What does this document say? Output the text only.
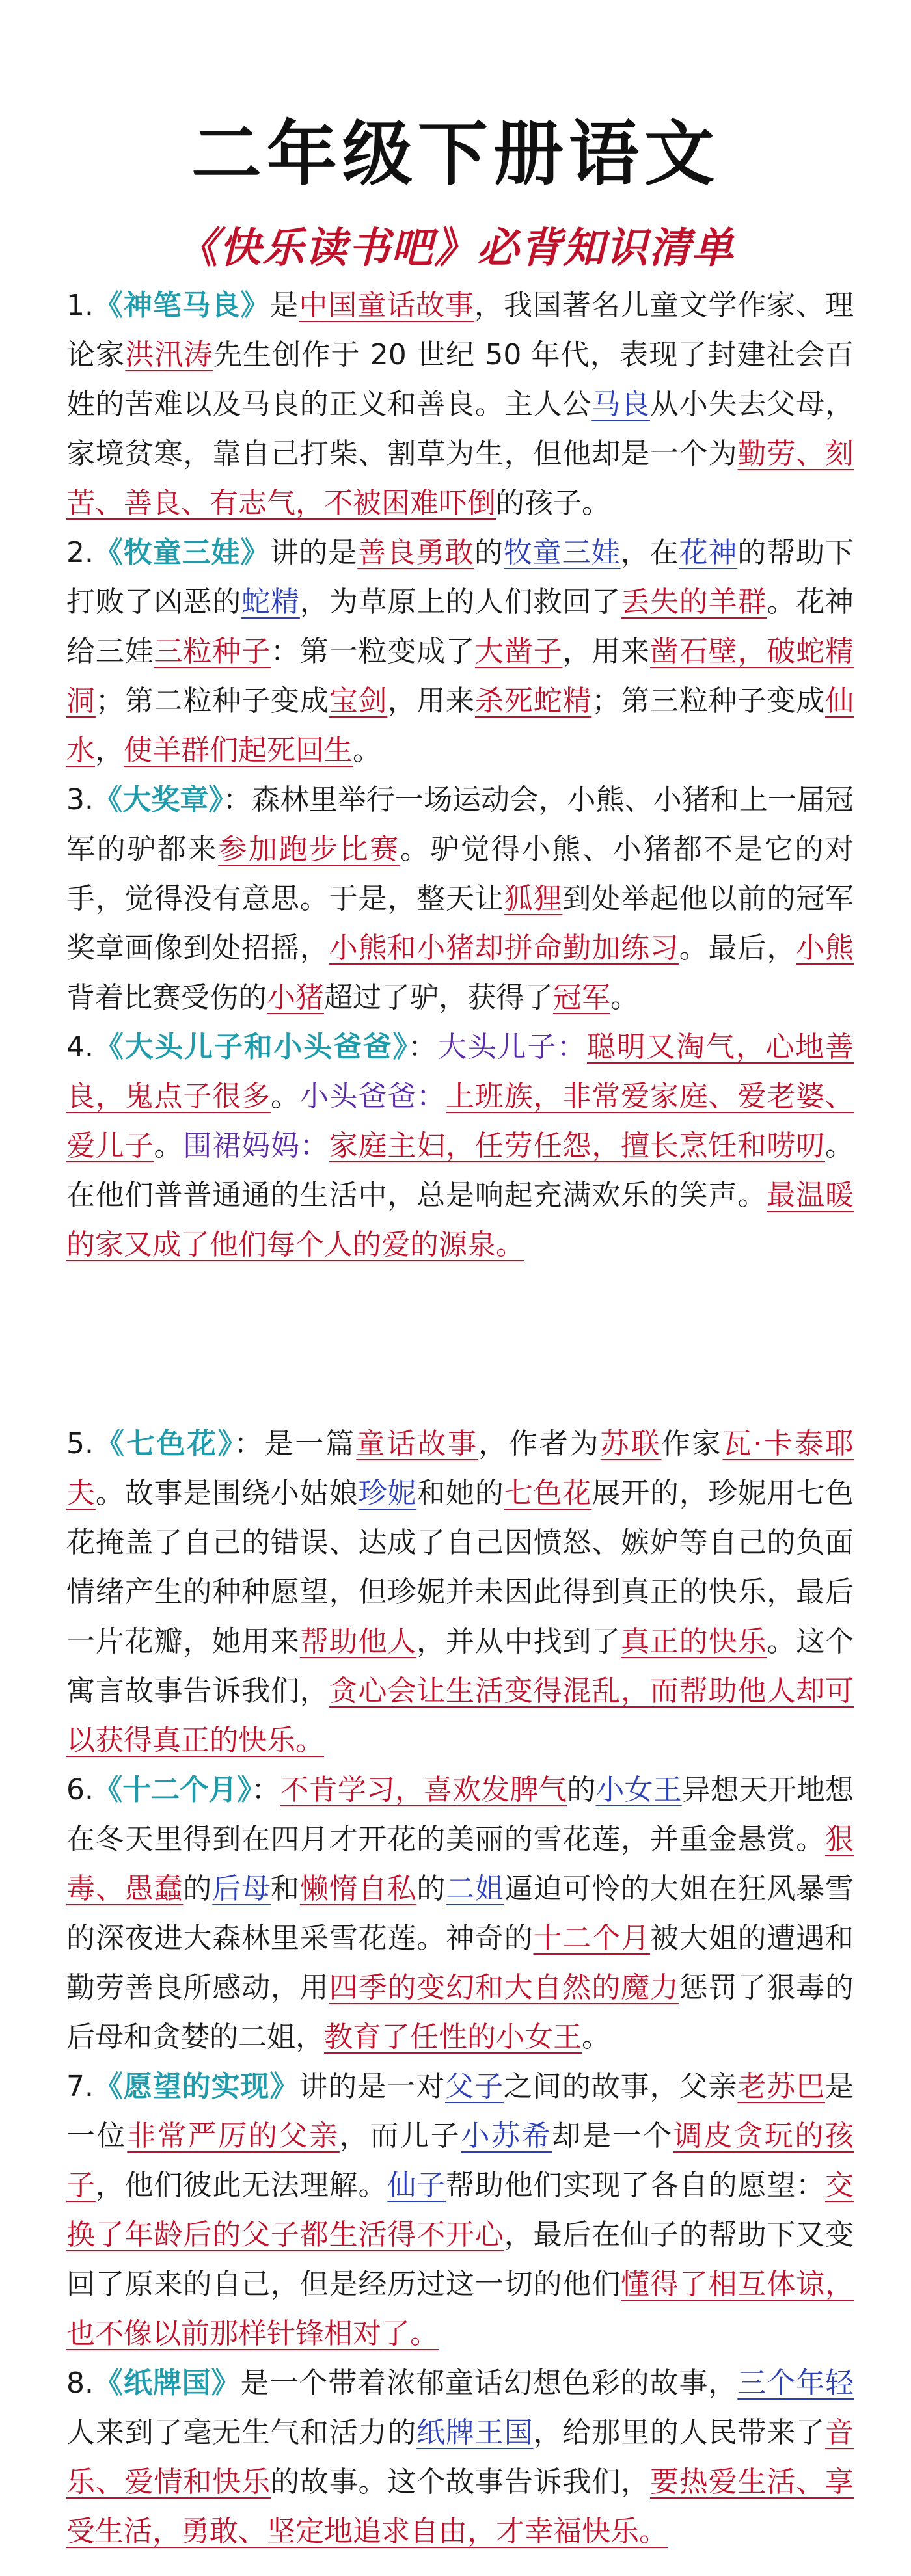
二年级下册语文
《快乐读书吧》必背知识清单

1.《神笔马良》是中国童话故事，我国著名儿童文学作家、理论家洪汛涛先生创作于 20 世纪 50 年代，表现了封建社会百姓的苦难以及马良的正义和善良。主人公马良从小失去父母，家境贫寒，靠自己打柴、割草为生，但他却是一个为勤劳、刻苦、善良、有志气，不被困难吓倒的孩子。

2.《牧童三娃》讲的是善良勇敢的牧童三娃，在花神的帮助下打败了凶恶的蛇精，为草原上的人们救回了丢失的羊群。花神给三娃三粒种子：第一粒变成了大凿子，用来凿石壁，破蛇精洞；第二粒种子变成宝剑，用来杀死蛇精；第三粒种子变成仙水，使羊群们起死回生。

3.《大奖章》：森林里举行一场运动会，小熊、小猪和上一届冠军的驴都来参加跑步比赛。驴觉得小熊、小猪都不是它的对手，觉得没有意思。于是，整天让狐狸到处举起他以前的冠军奖章画像到处招摇，小熊和小猪却拼命勤加练习。最后，小熊背着比赛受伤的小猪超过了驴，获得了冠军。

4.《大头儿子和小头爸爸》：大头儿子：聪明又淘气，心地善良，鬼点子很多。小头爸爸：上班族，非常爱家庭、爱老婆、爱儿子。围裙妈妈：家庭主妇，任劳任怨，擅长烹饪和唠叨。在他们普普通通的生活中，总是响起充满欢乐的笑声。最温暖的家又成了他们每个人的爱的源泉。

5.《七色花》：是一篇童话故事，作者为苏联作家瓦·卡泰耶夫。故事是围绕小姑娘珍妮和她的七色花展开的，珍妮用七色花掩盖了自己的错误、达成了自己因愤怒、嫉妒等自己的负面情绪产生的种种愿望，但珍妮并未因此得到真正的快乐，最后一片花瓣，她用来帮助他人，并从中找到了真正的快乐。这个寓言故事告诉我们，贪心会让生活变得混乱，而帮助他人却可以获得真正的快乐。

6.《十二个月》：不肯学习，喜欢发脾气的小女王异想天开地想在冬天里得到在四月才开花的美丽的雪花莲，并重金悬赏。狠毒、愚蠢的后母和懒惰自私的二姐逼迫可怜的大姐在狂风暴雪的深夜进大森林里采雪花莲。神奇的十二个月被大姐的遭遇和勤劳善良所感动，用四季的变幻和大自然的魔力惩罚了狠毒的后母和贪婪的二姐，教育了任性的小女王。

7.《愿望的实现》讲的是一对父子之间的故事，父亲老苏巴是一位非常严厉的父亲，而儿子小苏希却是一个调皮贪玩的孩子，他们彼此无法理解。仙子帮助他们实现了各自的愿望：交换了年龄后的父子都生活得不开心，最后在仙子的帮助下又变回了原来的自己，但是经历过这一切的他们懂得了相互体谅，也不像以前那样针锋相对了。

8.《纸牌国》是一个带着浓郁童话幻想色彩的故事，三个年轻人来到了毫无生气和活力的纸牌王国，给那里的人民带来了音乐、爱情和快乐的故事。这个故事告诉我们，要热爱生活、享受生活，勇敢、坚定地追求自由，才幸福快乐。
